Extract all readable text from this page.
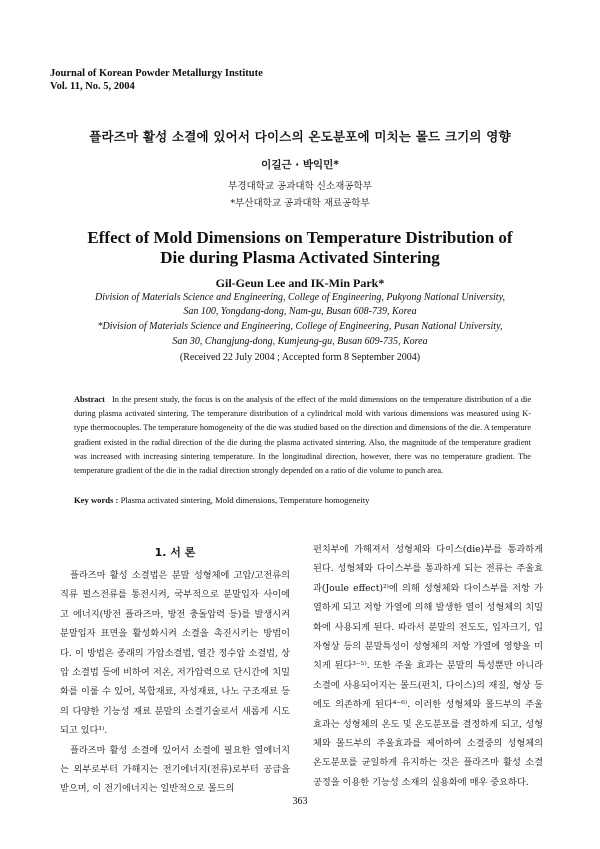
Journal of Korean Powder Metallurgy Institute
Vol. 11, No. 5, 2004
플라즈마 활성 소결에 있어서 다이스의 온도분포에 미치는 몰드 크기의 영향
이길근 · 박익민*
부경대학교 공과대학 신소재공학부
*부산대학교 공과대학 재료공학부
Effect of Mold Dimensions on Temperature Distribution of
Die during Plasma Activated Sintering
Gil-Geun Lee and IK-Min Park*
Division of Materials Science and Engineering, College of Engineering, Pukyong National University,
San 100, Yongdang-dong, Nam-gu, Busan 608-739, Korea
*Division of Materials Science and Engineering, College of Engineering, Pusan National University,
San 30, Changjung-dong, Kumjeung-gu, Busan 609-735, Korea
(Received 22 July 2004 ; Accepted form 8 September 2004)
Abstract In the present study, the focus is on the analysis of the effect of the mold dimensions on the temperature distribution of a die during plasma activated sintering. The temperature distribution of a cylindrical mold with various dimensions was measured using K-type thermocouples. The temperature homogeneity of the die was studied based on the direction and dimensions of the die. A temperature gradient existed in the radial direction of the die during the plasma activated sintering. Also, the magnitude of the temperature gradient was increased with increasing sintering temperature. In the longitudinal direction, however, there was no temperature gradient. The temperature gradient of the die in the radial direction strongly depended on a ratio of die volume to punch area.
Key words : Plasma activated sintering, Mold dimensions, Temperature homogeneity
1. 서 론

플라즈마 활성 소결법은 분말 성형체에 고압/고전류의 직류 펄스전류를 통전시켜, 국부적으로 분말입자 사이에 고 에너지(방전 플라즈마, 방전 충돌압력 등)를 발생시켜 분말입자 표면을 활성화시켜 소결을 촉진시키는 방법이다. 이 방법은 종래의 가압소결법, 열간 정수압 소결법, 상압 소결법 등에 비하여 저온, 저가압력으로 단시간에 치밀화를 이룰 수 있어, 복합재료, 자성재료, 나노 구조재료 등의 다양한 기능성 재료 분말의 소결기술로서 새롭게 시도되고 있다¹⁾.

플라즈마 활성 소결에 있어서 소결에 필요한 열에너지는 외부로부터 가해지는 전기에너지(전류)로부터 공급을 받으며, 이 전기에너지는 일반적으로 몰드의

펀치부에 가해져서 성형체와 다이스(die)부를 통과하게 된다. 성형체와 다이스부를 통과하게 되는 전류는 주울효과(Joule effect)²⁾에 의해 성형체와 다이스부를 저항 가열하게 되고 저항 가열에 의해 발생한 열이 성형체의 치밀화에 사용되게 된다. 따라서 분말의 전도도, 입자크기, 입자형상 등의 분말특성이 성형체의 저항 가열에 영향을 미치게 된다³⁻⁵⁾. 또한 주울 효과는 분말의 특성뿐만 아니라 소결에 사용되어지는 몰드(펀치, 다이스)의 재질, 형상 등에도 의존하게 된다⁴⁻⁶⁾. 이러한 성형체와 몰드부의 주울효과는 성형체의 온도 및 온도분포를 결정하게 되고, 성형체와 몰드부의 주울효과를 제어하여 소결중의 성형체의 온도분포를 균일하게 유지하는 것은 플라즈마 활성 소결 공정을 이용한 기능성 소재의 실용화에 매우 중요하다.

363
